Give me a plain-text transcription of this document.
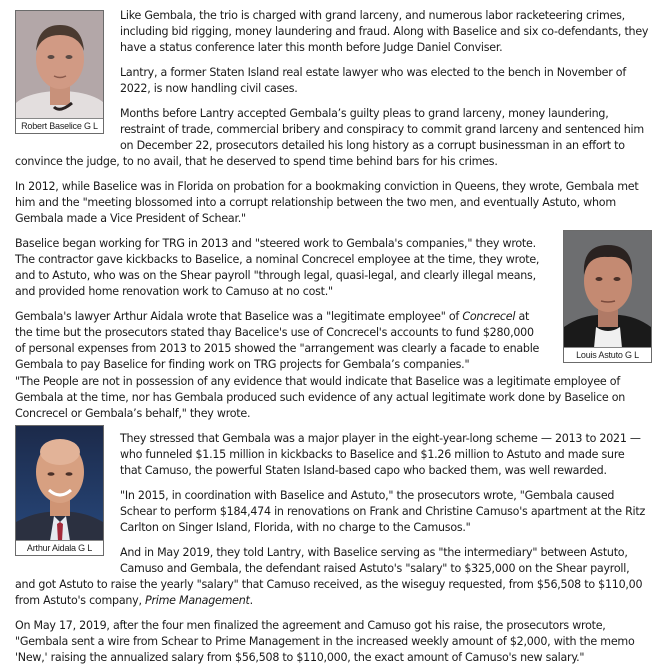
Robert Baselice G L
Louis Astuto G L
Arthur Aidala G L
Like Gembala, the trio is charged with grand larceny, and numerous labor racketeering crimes,
including bid rigging, money laundering and fraud. Along with Baselice and six co-defendants, they
have a status conference later this month before Judge Daniel Conviser.
Lantry, a former Staten Island real estate lawyer who was elected to the bench in November of
2022, is now handling civil cases.
Months before Lantry accepted Gembala’s guilty pleas to grand larceny, money laundering,
restraint of trade, commercial bribery and conspiracy to commit grand larceny and sentenced him
on December 22, prosecutors detailed his long history as a corrupt businessman in an effort to
convince the judge, to no avail, that he deserved to spend time behind bars for his crimes.
In 2012, while Baselice was in Florida on probation for a bookmaking conviction in Queens, they wrote, Gembala met
him and the "meeting blossomed into a corrupt relationship between the two men, and eventually Astuto, whom
Gembala made a Vice President of Schear."
Baselice began working for TRG in 2013 and "steered work to Gembala's companies," they wrote.
The contractor gave kickbacks to Baselice, a nominal Concrecel employee at the time, they wrote,
and to Astuto, who was on the Shear payroll "through legal, quasi-legal, and clearly illegal means,
and provided home renovation work to Camuso at no cost."
Gembala's lawyer Arthur Aidala wrote that Baselice was a "legitimate employee" of Concrecel at
the time but the prosecutors stated thay Bacelice's use of Concrecel's accounts to fund $280,000
of personal expenses from 2013 to 2015 showed the "arrangement was clearly a facade to enable
Gembala to pay Baselice for finding work on TRG projects for Gembala’s companies."
"The People are not in possession of any evidence that would indicate that Baselice was a legitimate employee of
Gembala at the time, nor has Gembala produced such evidence of any actual legitimate work done by Baselice on
Concrecel or Gembala’s behalf," they wrote.
They stressed that Gembala was a major player in the eight-year-long scheme — 2013 to 2021 —
who funneled $1.15 million in kickbacks to Baselice and $1.26 million to Astuto and made sure
that Camuso, the powerful Staten Island-based capo who backed them, was well rewarded.
"In 2015, in coordination with Baselice and Astuto," the prosecutors wrote, "Gembala caused
Schear to perform $184,474 in renovations on Frank and Christine Camuso's apartment at the Ritz
Carlton on Singer Island, Florida, with no charge to the Camusos."
And in May 2019, they told Lantry, with Baselice serving as "the intermediary" between Astuto,
Camuso and Gembala, the defendant raised Astuto's "salary" to $325,000 on the Shear payroll,
and got Astuto to raise the yearly "salary" that Camuso received, as the wiseguy requested, from $56,508 to $110,00
from Astuto's company, Prime Management.
On May 17, 2019, after the four men finalized the agreement and Camuso got his raise, the prosecutors wrote,
"Gembala sent a wire from Schear to Prime Management in the increased weekly amount of $2,000, with the memo
'New,' raising the annualized salary from $56,508 to $110,000, the exact amount of Camuso's new salary."
